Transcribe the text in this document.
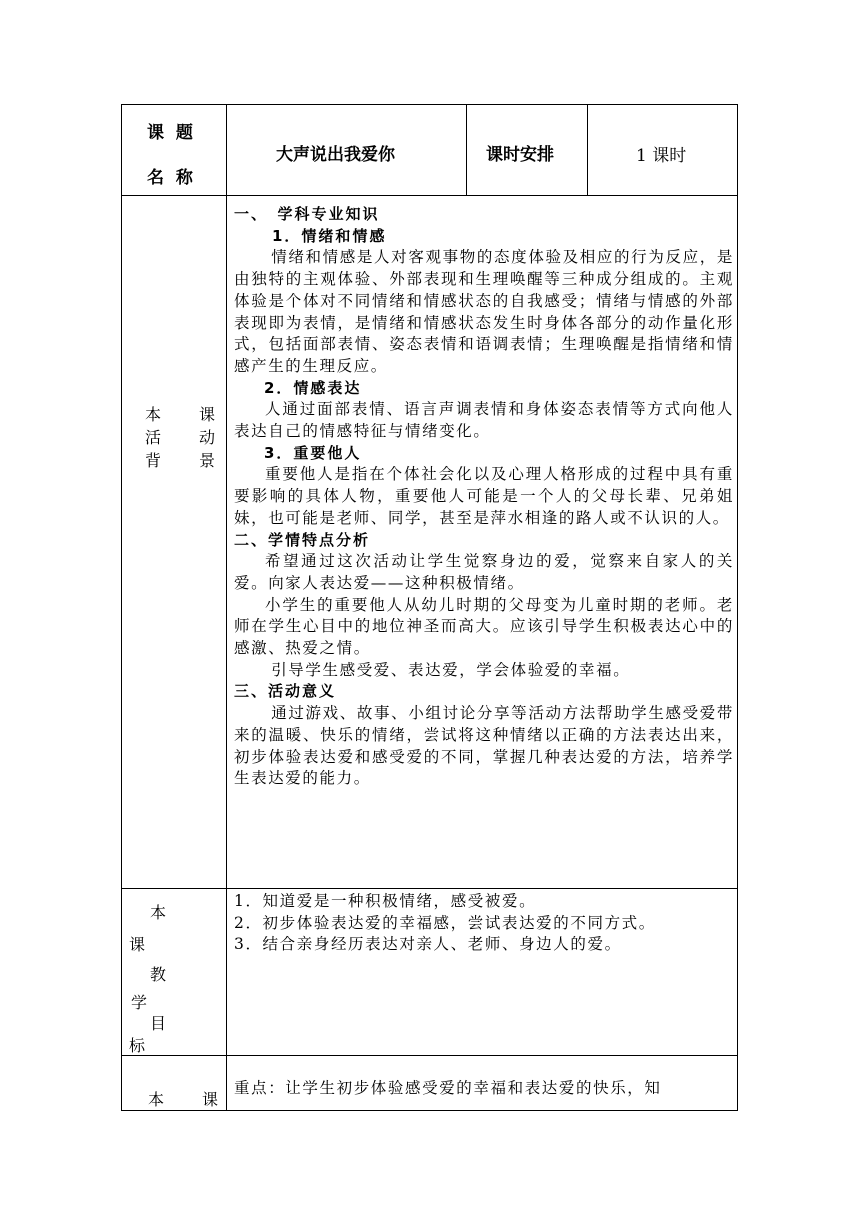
课 题
名 称
大声说出我爱你	课时安排	1 课时
本　　课
活　　动
背　　景

一、　学科专业知识

1．情绪和情感

情绪和情感是人对客观事物的态度体验及相应的行为反应，是由独特的主观体验、外部表现和生理唤醒等三种成分组成的。主观体验是个体对不同情绪和情感状态的自我感受；情绪与情感的外部表现即为表情，是情绪和情感状态发生时身体各部分的动作量化形式，包括面部表情、姿态表情和语调表情；生理唤醒是指情绪和情感产生的生理反应。

2．情感表达

人通过面部表情、语言声调表情和身体姿态表情等方式向他人表达自己的情感特征与情绪变化。

3．重要他人

重要他人是指在个体社会化以及心理人格形成的过程中具有重要影响的具体人物，重要他人可能是一个人的父母长辈、兄弟姐妹，也可能是老师、同学，甚至是萍水相逢的路人或不认识的人。

二、学情特点分析

希望通过这次活动让学生觉察身边的爱，觉察来自家人的关爱。向家人表达爱——这种积极情绪。

小学生的重要他人从幼儿时期的父母变为儿童时期的老师。老师在学生心目中的地位神圣而高大。应该引导学生积极表达心中的感激、热爱之情。

引导学生感受爱、表达爱，学会体验爱的幸福。

三、活动意义

通过游戏、故事、小组讨论分享等活动方法帮助学生感受爱带来的温暖、快乐的情绪，尝试将这种情绪以正确的方法表达出来，初步体验表达爱和感受爱的不同，掌握几种表达爱的方法，培养学生表达爱的能力。

本
课
教
学
目
标

1．知道爱是一种积极情绪，感受被爱。

2．初步体验表达爱的幸福感，尝试表达爱的不同方式。

3．结合亲身经历表达对亲人、老师、身边人的爱。

本　　课

重点：让学生初步体验感受爱的幸福和表达爱的快乐，知
